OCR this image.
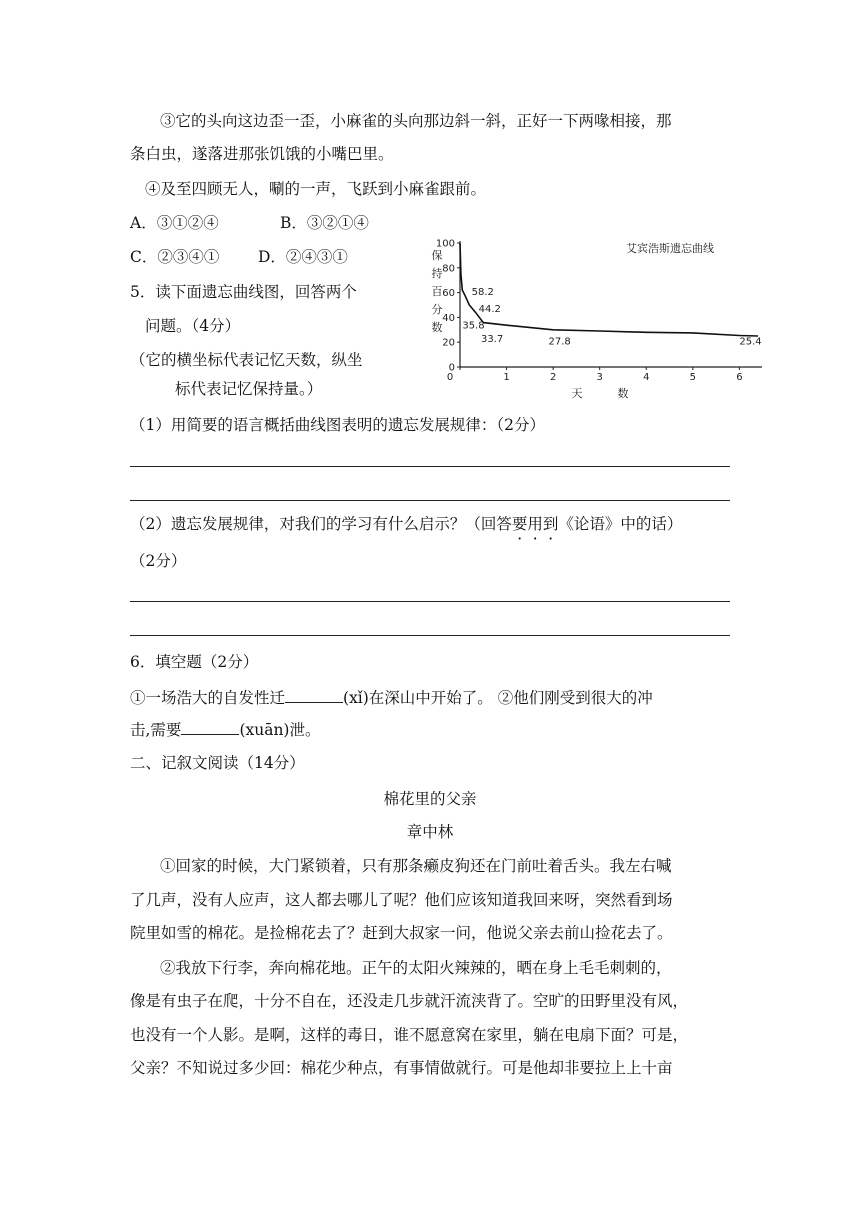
③它的头向这边歪一歪，小麻雀的头向那边斜一斜，正好一下两喙相接，那
条白虫，遂落进那张饥饿的小嘴巴里。
④及至四顾无人，唰的一声，飞跃到小麻雀跟前。
A．③①②④	B．③②①④
C．②③④① D．②④③①
5．读下面遗忘曲线图，回答两个
问题。（4分）
（它的横坐标代表记忆天数，纵坐
标代表记忆保持量。）
0
20
40
60
80
100
0	1	2	3	4	5	6
保
持
百
分
数
天	数
艾宾浩斯遗忘曲线
58.2
44.2
35.8
33.7	27.8	25.4
（1）用简要的语言概括曲线图表明的遗忘发展规律：（2分）
（2）遗忘发展规律，对我们的学习有什么启示？（回答要用到《论语》中的话）
（2分）
6．填空题（2分）
①一场浩大的自发性迁	(xǐ)在深山中开始了。 ②他们刚受到很大的冲
击,需要	(xuān)泄。
二、记叙文阅读（14分）
棉花里的父亲
章中林
①回家的时候，大门紧锁着，只有那条癞皮狗还在门前吐着舌头。我左右喊
了几声，没有人应声，这人都去哪儿了呢？他们应该知道我回来呀，突然看到场
院里如雪的棉花。是捡棉花去了？赶到大叔家一问，他说父亲去前山捡花去了。
②我放下行李，奔向棉花地。正午的太阳火辣辣的，晒在身上毛毛刺刺的，
像是有虫子在爬，十分不自在，还没走几步就汗流浃背了。空旷的田野里没有风，
也没有一个人影。是啊，这样的毒日，谁不愿意窝在家里，躺在电扇下面？可是，
父亲？不知说过多少回：棉花少种点，有事情做就行。可是他却非要拉上上十亩
